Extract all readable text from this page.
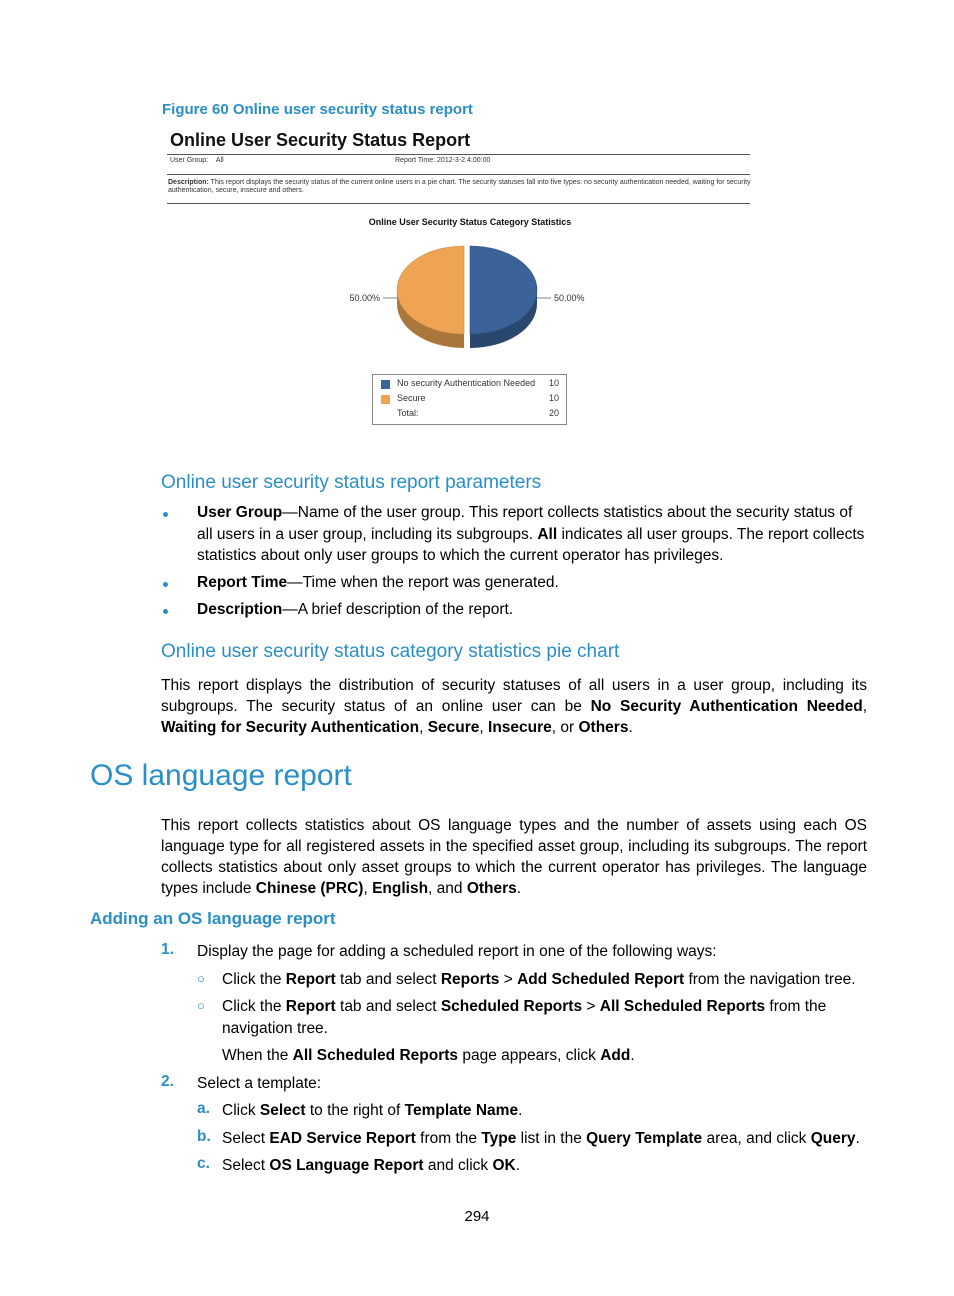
Figure 60 Online user security status report
Online User Security Status Report
User Group: All	Report Time: 2012-3-2 4:00:00
Description: This report displays the security status of the current online users in a pie chart. The security statuses fall into five types: no security authentication needed, waiting for security authentication, secure, insecure and others.
Online User Security Status Category Statistics
50.00%
50.00%
No security Authentication Needed 10
Secure	10
Total:	20
Online user security status report parameters
User Group—Name of the user group. This report collects statistics about the security status of all users in a user group, including its subgroups. All indicates all user groups. The report collects statistics about only user groups to which the current operator has privileges.
Report Time—Time when the report was generated.
Description—A brief description of the report.
Online user security status category statistics pie chart
This report displays the distribution of security statuses of all users in a user group, including its subgroups. The security status of an online user can be No Security Authentication Needed, Waiting for Security Authentication, Secure, Insecure, or Others.
OS language report
This report collects statistics about OS language types and the number of assets using each OS language type for all registered assets in the specified asset group, including its subgroups. The report collects statistics about only asset groups to which the current operator has privileges. The language types include Chinese (PRC), English, and Others.
Adding an OS language report
1. Display the page for adding a scheduled report in one of the following ways:
○ Click the Report tab and select Reports > Add Scheduled Report from the navigation tree.
○ Click the Report tab and select Scheduled Reports > All Scheduled Reports from the navigation tree.
When the All Scheduled Reports page appears, click Add.
2. Select a template:
a. Click Select to the right of Template Name.
b. Select EAD Service Report from the Type list in the Query Template area, and click Query.
c. Select OS Language Report and click OK.
294
